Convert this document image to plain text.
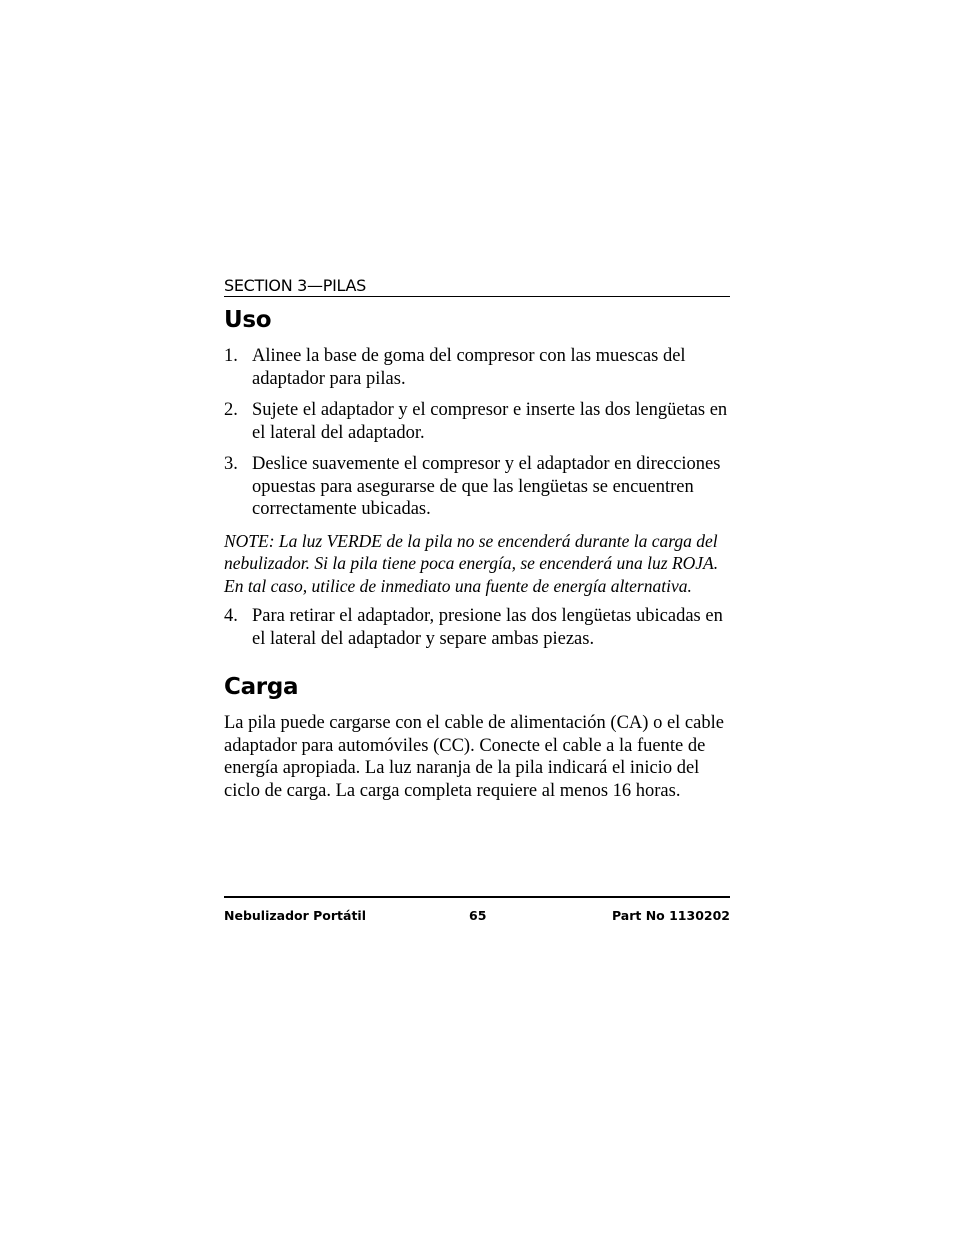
SECTION 3—PILAS
Uso
1. Alinee la base de goma del compresor con las muescas del adaptador para pilas.
2. Sujete el adaptador y el compresor e inserte las dos lengüetas en el lateral del adaptador.
3. Deslice suavemente el compresor y el adaptador en direcciones opuestas para asegurarse de que las lengüetas se encuentren correctamente ubicadas.

NOTE: La luz VERDE de la pila no se encenderá durante la carga del nebulizador. Si la pila tiene poca energía, se encenderá una luz ROJA. En tal caso, utilice de inmediato una fuente de energía alternativa.

4. Para retirar el adaptador, presione las dos lengüetas ubicadas en el lateral del adaptador y separe ambas piezas.
Carga

La pila puede cargarse con el cable de alimentación (CA) o el cable adaptador para automóviles (CC). Conecte el cable a la fuente de energía apropiada. La luz naranja de la pila indicará el inicio del ciclo de carga. La carga completa requiere al menos 16 horas.

Nebulizador Portátil	65	Part No 1130202
